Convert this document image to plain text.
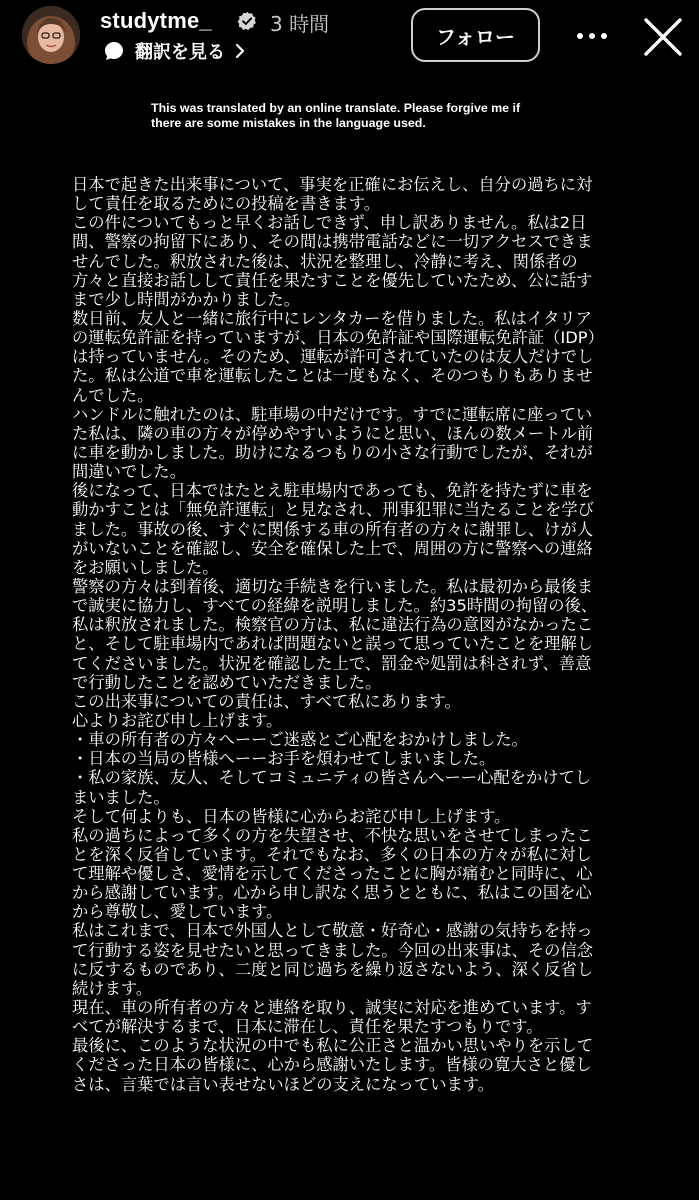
studytme_	3 時間
翻訳を見る
フォロー
This was translated by an online translate. Please forgive me if
there are some mistakes in the language used.
日本で起きた出来事について、事実を正確にお伝えし、自分の過ちに対
して責任を取るためにの投稿を書きます。
この件についてもっと早くお話しできず、申し訳ありません。私は2日
間、警察の拘留下にあり、その間は携帯電話などに一切アクセスできま
せんでした。釈放された後は、状況を整理し、冷静に考え、関係者の
方々と直接お話しして責任を果たすことを優先していたため、公に話す
まで少し時間がかかりました。
数日前、友人と一緒に旅行中にレンタカーを借りました。私はイタリア
の運転免許証を持っていますが、日本の免許証や国際運転免許証（IDP）
は持っていません。そのため、運転が許可されていたのは友人だけでし
た。私は公道で車を運転したことは一度もなく、そのつもりもありませ
んでした。
ハンドルに触れたのは、駐車場の中だけです。すでに運転席に座ってい
た私は、隣の車の方々が停めやすいようにと思い、ほんの数メートル前
に車を動かしました。助けになるつもりの小さな行動でしたが、それが
間違いでした。
後になって、日本ではたとえ駐車場内であっても、免許を持たずに車を
動かすことは「無免許運転」と見なされ、刑事犯罪に当たることを学び
ました。事故の後、すぐに関係する車の所有者の方々に謝罪し、けが人
がいないことを確認し、安全を確保した上で、周囲の方に警察への連絡
をお願いしました。
警察の方々は到着後、適切な手続きを行いました。私は最初から最後ま
で誠実に協力し、すべての経緯を説明しました。約35時間の拘留の後、
私は釈放されました。検察官の方は、私に違法行為の意図がなかったこ
と、そして駐車場内であれば問題ないと誤って思っていたことを理解し
てくださいました。状況を確認した上で、罰金や処罰は科されず、善意
で行動したことを認めていただきました。
この出来事についての責任は、すべて私にあります。
心よりお詫び申し上げます。
・車の所有者の方々へーーご迷惑とご心配をおかけしました。
・日本の当局の皆様へーーお手を煩わせてしまいました。
・私の家族、友人、そしてコミュニティの皆さんへーー心配をかけてし
まいました。
そして何よりも、日本の皆様に心からお詫び申し上げます。
私の過ちによって多くの方を失望させ、不快な思いをさせてしまったこ
とを深く反省しています。それでもなお、多くの日本の方々が私に対し
て理解や優しさ、愛情を示してくださったことに胸が痛むと同時に、心
から感謝しています。心から申し訳なく思うとともに、私はこの国を心
から尊敬し、愛しています。
私はこれまで、日本で外国人として敬意・好奇心・感謝の気持ちを持っ
て行動する姿を見せたいと思ってきました。今回の出来事は、その信念
に反するものであり、二度と同じ過ちを繰り返さないよう、深く反省し
続けます。
現在、車の所有者の方々と連絡を取り、誠実に対応を進めています。す
べてが解決するまで、日本に滞在し、責任を果たすつもりです。
最後に、このような状況の中でも私に公正さと温かい思いやりを示して
くださった日本の皆様に、心から感謝いたします。皆様の寛大さと優し
さは、言葉では言い表せないほどの支えになっています。
